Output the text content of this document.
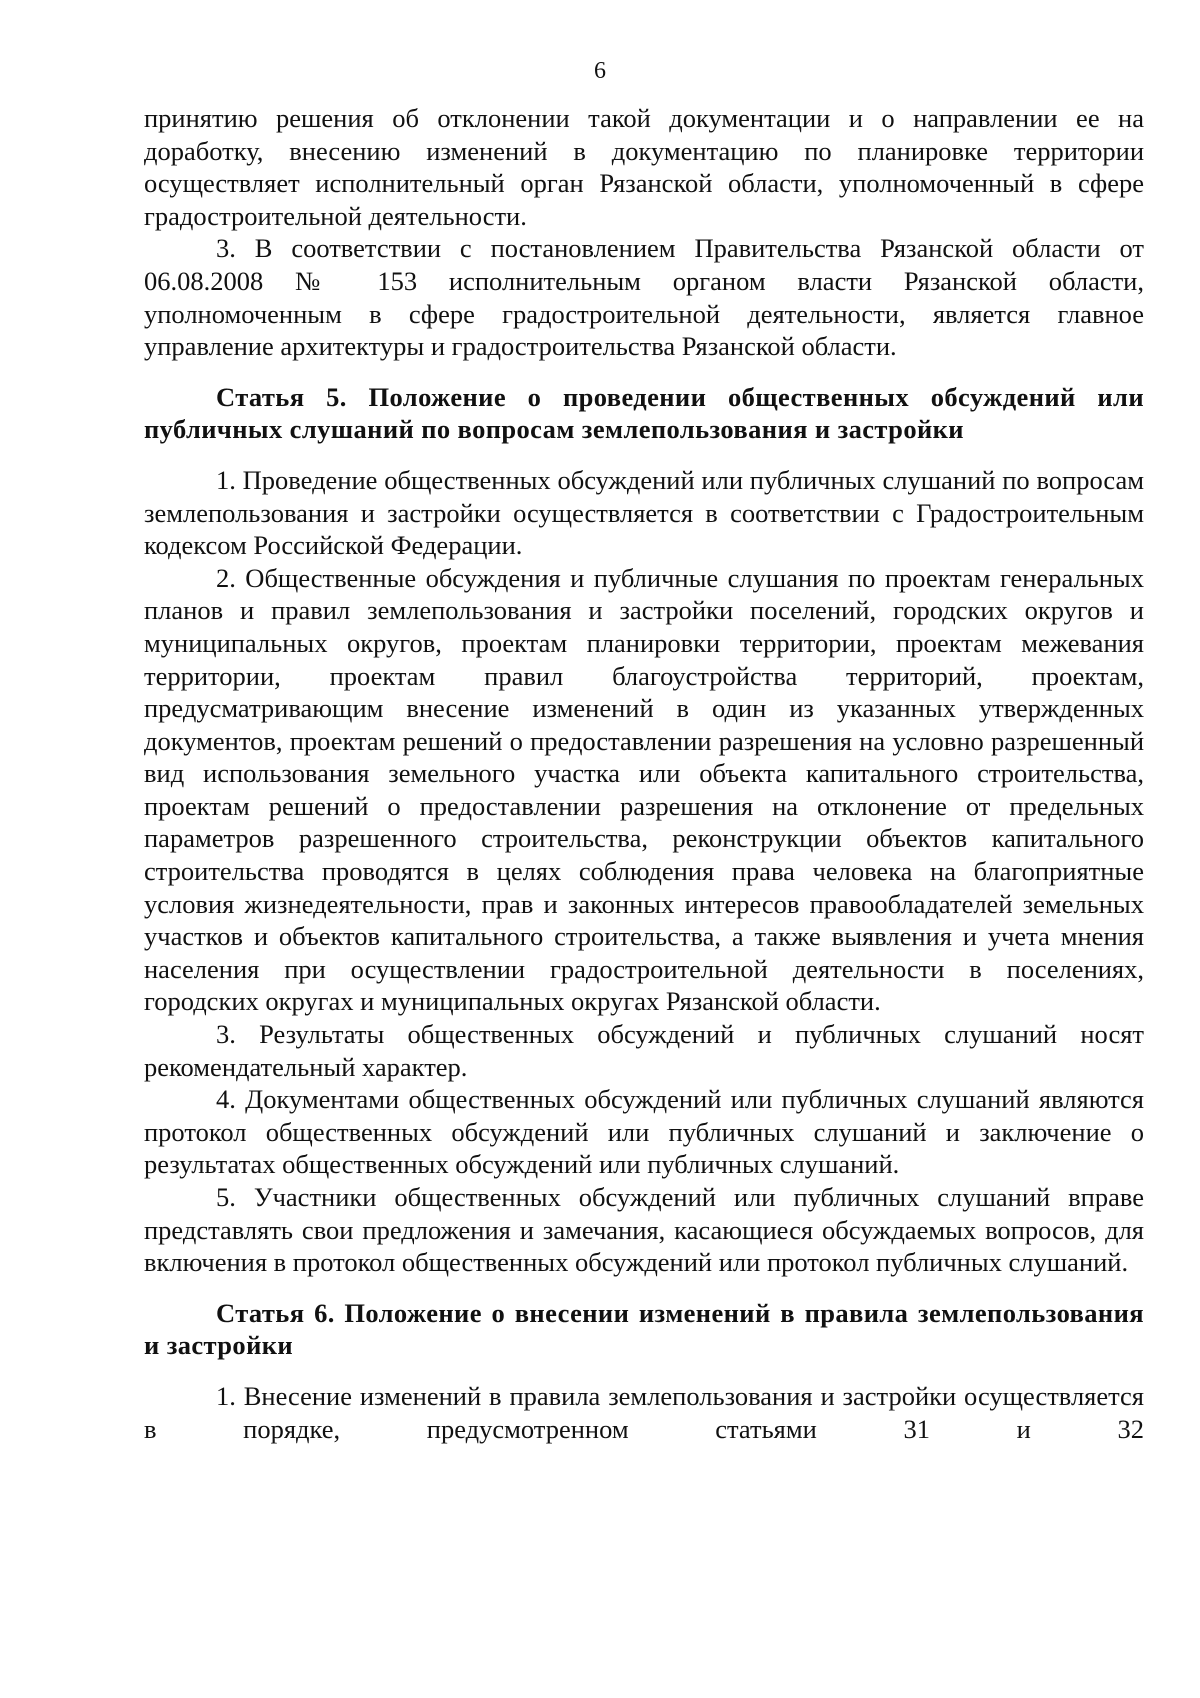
6

принятию решения об отклонении такой документации и о направлении ее на доработку, внесению изменений в документацию по планировке территории осуществляет исполнительный орган Рязанской области, уполномоченный в сфере градостроительной деятельности.

3. В соответствии с постановлением Правительства Рязанской области от 06.08.2008 № 153 исполнительным органом власти Рязанской области, уполномоченным в сфере градостроительной деятельности, является главное управление архитектуры и градостроительства Рязанской области.

Статья 5. Положение о проведении общественных обсуждений или публичных слушаний по вопросам землепользования и застройки

1. Проведение общественных обсуждений или публичных слушаний по вопросам землепользования и застройки осуществляется в соответствии с Градостроительным кодексом Российской Федерации.

2. Общественные обсуждения и публичные слушания по проектам генеральных планов и правил землепользования и застройки поселений, городских округов и муниципальных округов, проектам планировки территории, проектам межевания территории, проектам правил благоустройства территорий, проектам, предусматривающим внесение изменений в один из указанных утвержденных документов, проектам решений о предоставлении разрешения на условно разрешенный вид использования земельного участка или объекта капитального строительства, проектам решений о предоставлении разрешения на отклонение от предельных параметров разрешенного строительства, реконструкции объектов капитального строительства проводятся в целях соблюдения права человека на благоприятные условия жизнедеятельности, прав и законных интересов правообладателей земельных участков и объектов капитального строительства, а также выявления и учета мнения населения при осуществлении градостроительной деятельности в поселениях, городских округах и муниципальных округах Рязанской области.

3. Результаты общественных обсуждений и публичных слушаний носят рекомендательный характер.

4. Документами общественных обсуждений или публичных слушаний являются протокол общественных обсуждений или публичных слушаний и заключение о результатах общественных обсуждений или публичных слушаний.

5. Участники общественных обсуждений или публичных слушаний вправе представлять свои предложения и замечания, касающиеся обсуждаемых вопросов, для включения в протокол общественных обсуждений или протокол публичных слушаний.

Статья 6. Положение о внесении изменений в правила землепользования и застройки

1. Внесение изменений в правила землепользования и застройки осуществляется в порядке, предусмотренном статьями 31 и 32
